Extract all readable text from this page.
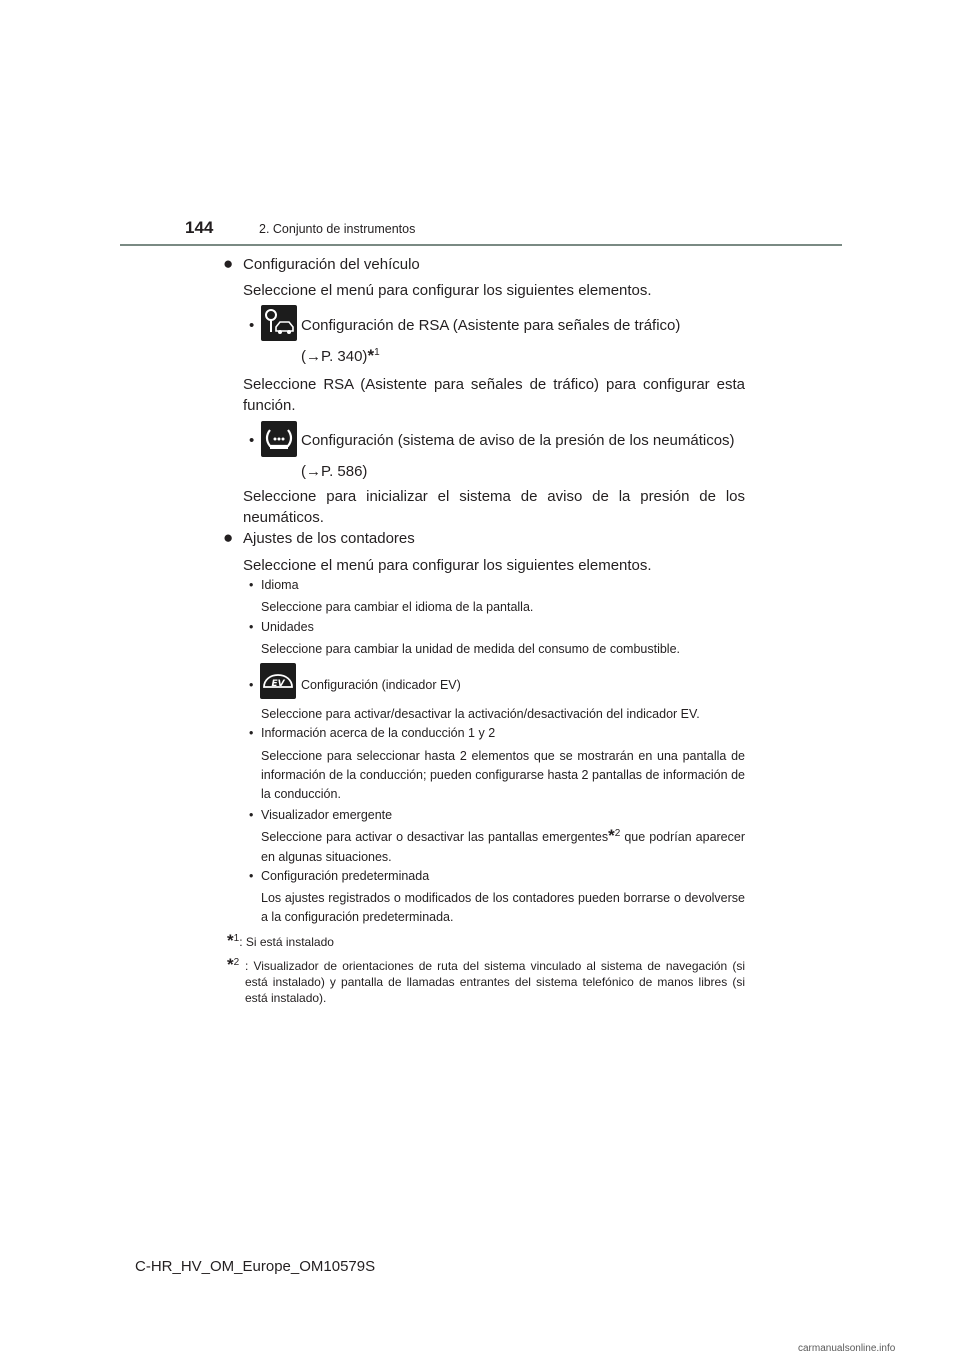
144	2. Conjunto de instrumentos
● Configuración del vehículo
Seleccione el menú para configurar los siguientes elementos.
•	Configuración de RSA (Asistente para señales de tráfico)
(→P. 340)*$^1$
Seleccione RSA (Asistente para señales de tráfico) para configurar esta función.
•	Configuración (sistema de aviso de la presión de los neumáticos)
(→P. 586)
Seleccione para inicializar el sistema de aviso de la presión de los neumáticos.
● Ajustes de los contadores
Seleccione el menú para configurar los siguientes elementos.
• Idioma
Seleccione para cambiar el idioma de la pantalla.
• Unidades
Seleccione para cambiar la unidad de medida del consumo de combustible.
• EV Configuración (indicador EV)
Seleccione para activar/desactivar la activación/desactivación del indicador EV.
• Información acerca de la conducción 1 y 2
Seleccione para seleccionar hasta 2 elementos que se mostrarán en una pantalla de información de la conducción; pueden configurarse hasta 2 pantallas de información de la conducción.
• Visualizador emergente
Seleccione para activar o desactivar las pantallas emergentes*$^2$ que podrían aparecer en algunas situaciones.
• Configuración predeterminada
Los ajustes registrados o modificados de los contadores pueden borrarse o devolverse a la configuración predeterminada.
*$^1$: Si está instalado
*$^2$ : Visualizador de orientaciones de ruta del sistema vinculado al sistema de navegación (si está instalado) y pantalla de llamadas entrantes del sistema telefónico de manos libres (si está instalado).
C-HR_HV_OM_Europe_OM10579S
carmanualsonline.info
